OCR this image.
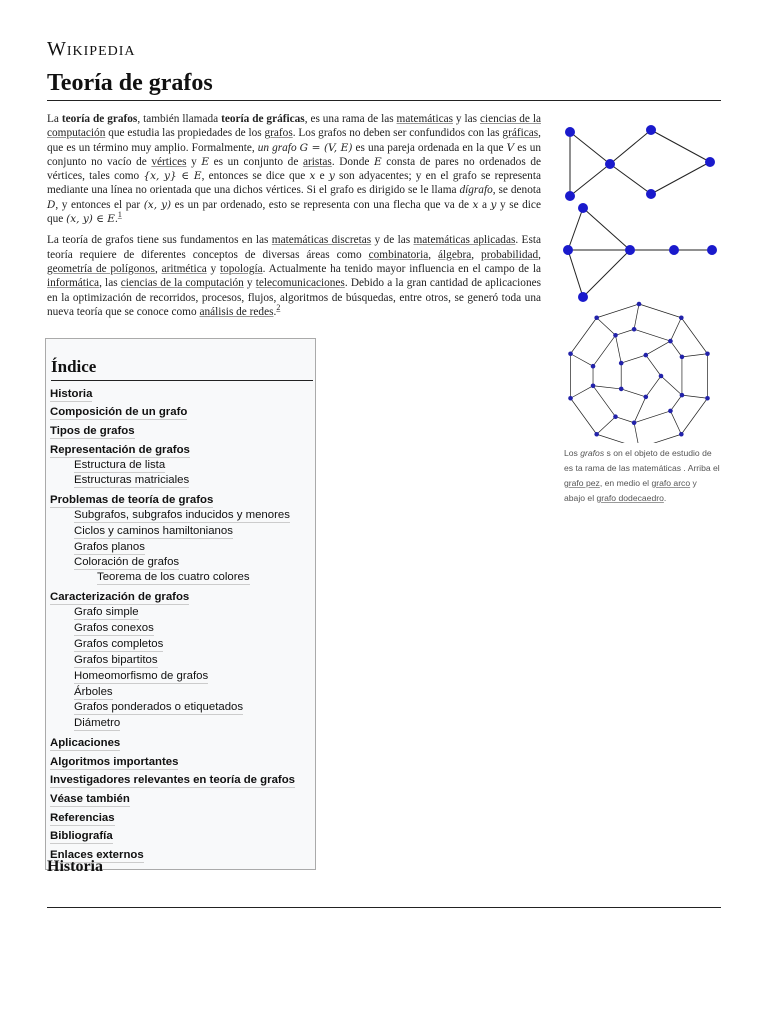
Wikipedia
Teoría de grafos

La teoría de grafos, también llamada teoría de gráficas, es una rama de las matemáticas y las ciencias de la computación que estudia las propiedades de los grafos. Los grafos no deben ser confundidos con las gráficas, que es un término muy amplio. Formalmente, un grafo G = (V, E) es una pareja ordenada en la que V es un conjunto no vacío de vértices y E es un conjunto de aristas. Donde E consta de pares no ordenados de vértices, tales como {x, y} ∈ E, entonces se dice que x e y son adyacentes; y en el grafo se representa mediante una línea no orientada que una dichos vértices. Si el grafo es dirigido se le llama dígrafo, se denota D, y entonces el par (x, y) es un par ordenado, esto se representa con una flecha que va de x a y y se dice que (x, y) ∈ E.$^1$

La teoría de grafos tiene sus fundamentos en las matemáticas discretas y de las matemáticas aplicadas. Esta teoría requiere de diferentes conceptos de diversas áreas como combinatoria, álgebra, probabilidad, geometría de polígonos, aritmética y topología. Actualmente ha tenido mayor influencia en el campo de la informática, las ciencias de la computación y telecomunicaciones. Debido a la gran cantidad de aplicaciones en la optimización de recorridos, procesos, flujos, algoritmos de búsquedas, entre otros, se generó toda una nueva teoría que se conoce como análisis de redes.$^2$

Los grafos s on el objeto de estudio de es ta rama de las matemáticas . Arriba el grafo pez, en medio el grafo arco y abajo el grafo dodecaedro.
Índice
Historia
Composición de un grafo
Tipos de grafos
Representación de grafos
Estructura de lista
Estructuras matriciales
Problemas de teoría de grafos
Subgrafos, subgrafos inducidos y menores
Ciclos y caminos hamiltonianos
Grafos planos
Coloración de grafos
Teorema de los cuatro colores
Caracterización de grafos
Grafo simple
Grafos conexos
Grafos completos
Grafos bipartitos
Homeomorfismo de grafos
Árboles
Grafos ponderados o etiquetados
Diámetro
Aplicaciones
Algoritmos importantes
Investigadores relevantes en teoría de grafos
Véase también
Referencias
Bibliografía
Enlaces externos
Historia
